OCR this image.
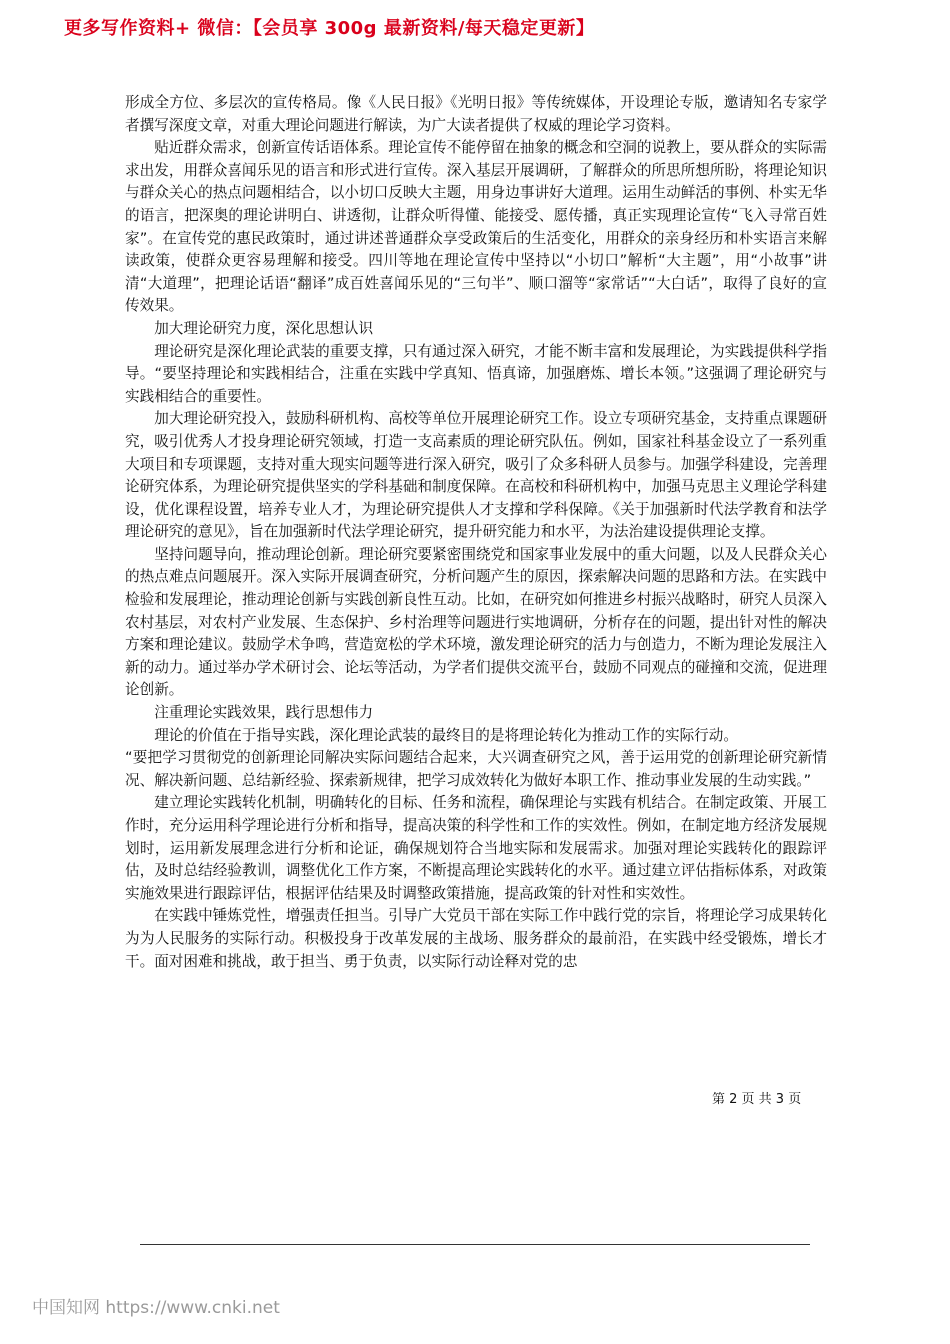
更多写作资料+ 微信：【会员享 300g 最新资料/每天稳定更新】

形成全方位、多层次的宣传格局。像《人民日报》《光明日报》等传统媒体，开设理论专版，邀请知名专家学者撰写深度文章，对重大理论问题进行解读，为广大读者提供了权威的理论学习资料。

贴近群众需求，创新宣传话语体系。理论宣传不能停留在抽象的概念和空洞的说教上，要从群众的实际需求出发，用群众喜闻乐见的语言和形式进行宣传。深入基层开展调研，了解群众的所思所想所盼，将理论知识与群众关心的热点问题相结合，以小切口反映大主题，用身边事讲好大道理。运用生动鲜活的事例、朴实无华的语言，把深奥的理论讲明白、讲透彻，让群众听得懂、能接受、愿传播，真正实现理论宣传“飞入寻常百姓家”。在宣传党的惠民政策时，通过讲述普通群众享受政策后的生活变化，用群众的亲身经历和朴实语言来解读政策，使群众更容易理解和接受。四川等地在理论宣传中坚持以“小切口”解析“大主题”，用“小故事”讲清“大道理”，把理论话语“翻译”成百姓喜闻乐见的“三句半”、顺口溜等“家常话”“大白话”，取得了良好的宣传效果。

加大理论研究力度，深化思想认识

理论研究是深化理论武装的重要支撑，只有通过深入研究，才能不断丰富和发展理论，为实践提供科学指导。“要坚持理论和实践相结合，注重在实践中学真知、悟真谛，加强磨炼、增长本领。”这强调了理论研究与实践相结合的重要性。

加大理论研究投入，鼓励科研机构、高校等单位开展理论研究工作。设立专项研究基金，支持重点课题研究，吸引优秀人才投身理论研究领域，打造一支高素质的理论研究队伍。例如，国家社科基金设立了一系列重大项目和专项课题，支持对重大现实问题等进行深入研究，吸引了众多科研人员参与。加强学科建设，完善理论研究体系，为理论研究提供坚实的学科基础和制度保障。在高校和科研机构中，加强马克思主义理论学科建设，优化课程设置，培养专业人才，为理论研究提供人才支撑和学科保障。《关于加强新时代法学教育和法学理论研究的意见》，旨在加强新时代法学理论研究，提升研究能力和水平，为法治建设提供理论支撑。

坚持问题导向，推动理论创新。理论研究要紧密围绕党和国家事业发展中的重大问题，以及人民群众关心的热点难点问题展开。深入实际开展调查研究，分析问题产生的原因，探索解决问题的思路和方法。在实践中检验和发展理论，推动理论创新与实践创新良性互动。比如，在研究如何推进乡村振兴战略时，研究人员深入农村基层，对农村产业发展、生态保护、乡村治理等问题进行实地调研，分析存在的问题，提出针对性的解决方案和理论建议。鼓励学术争鸣，营造宽松的学术环境，激发理论研究的活力与创造力，不断为理论发展注入新的动力。通过举办学术研讨会、论坛等活动，为学者们提供交流平台，鼓励不同观点的碰撞和交流，促进理论创新。

注重理论实践效果，践行思想伟力

理论的价值在于指导实践，深化理论武装的最终目的是将理论转化为推动工作的实际行动。

“要把学习贯彻党的创新理论同解决实际问题结合起来，大兴调查研究之风，善于运用党的创新理论研究新情况、解决新问题、总结新经验、探索新规律，把学习成效转化为做好本职工作、推动事业发展的生动实践。”

建立理论实践转化机制，明确转化的目标、任务和流程，确保理论与实践有机结合。在制定政策、开展工作时，充分运用科学理论进行分析和指导，提高决策的科学性和工作的实效性。例如，在制定地方经济发展规划时，运用新发展理念进行分析和论证，确保规划符合当地实际和发展需求。加强对理论实践转化的跟踪评估，及时总结经验教训，调整优化工作方案，不断提高理论实践转化的水平。通过建立评估指标体系，对政策实施效果进行跟踪评估，根据评估结果及时调整政策措施，提高政策的针对性和实效性。

在实践中锤炼党性，增强责任担当。引导广大党员干部在实际工作中践行党的宗旨，将理论学习成果转化为为人民服务的实际行动。积极投身于改革发展的主战场、服务群众的最前沿，在实践中经受锻炼，增长才干。面对困难和挑战，敢于担当、勇于负责，以实际行动诠释对党的忠

第 2 页 共 3 页
中国知网 https://www.cnki.net
